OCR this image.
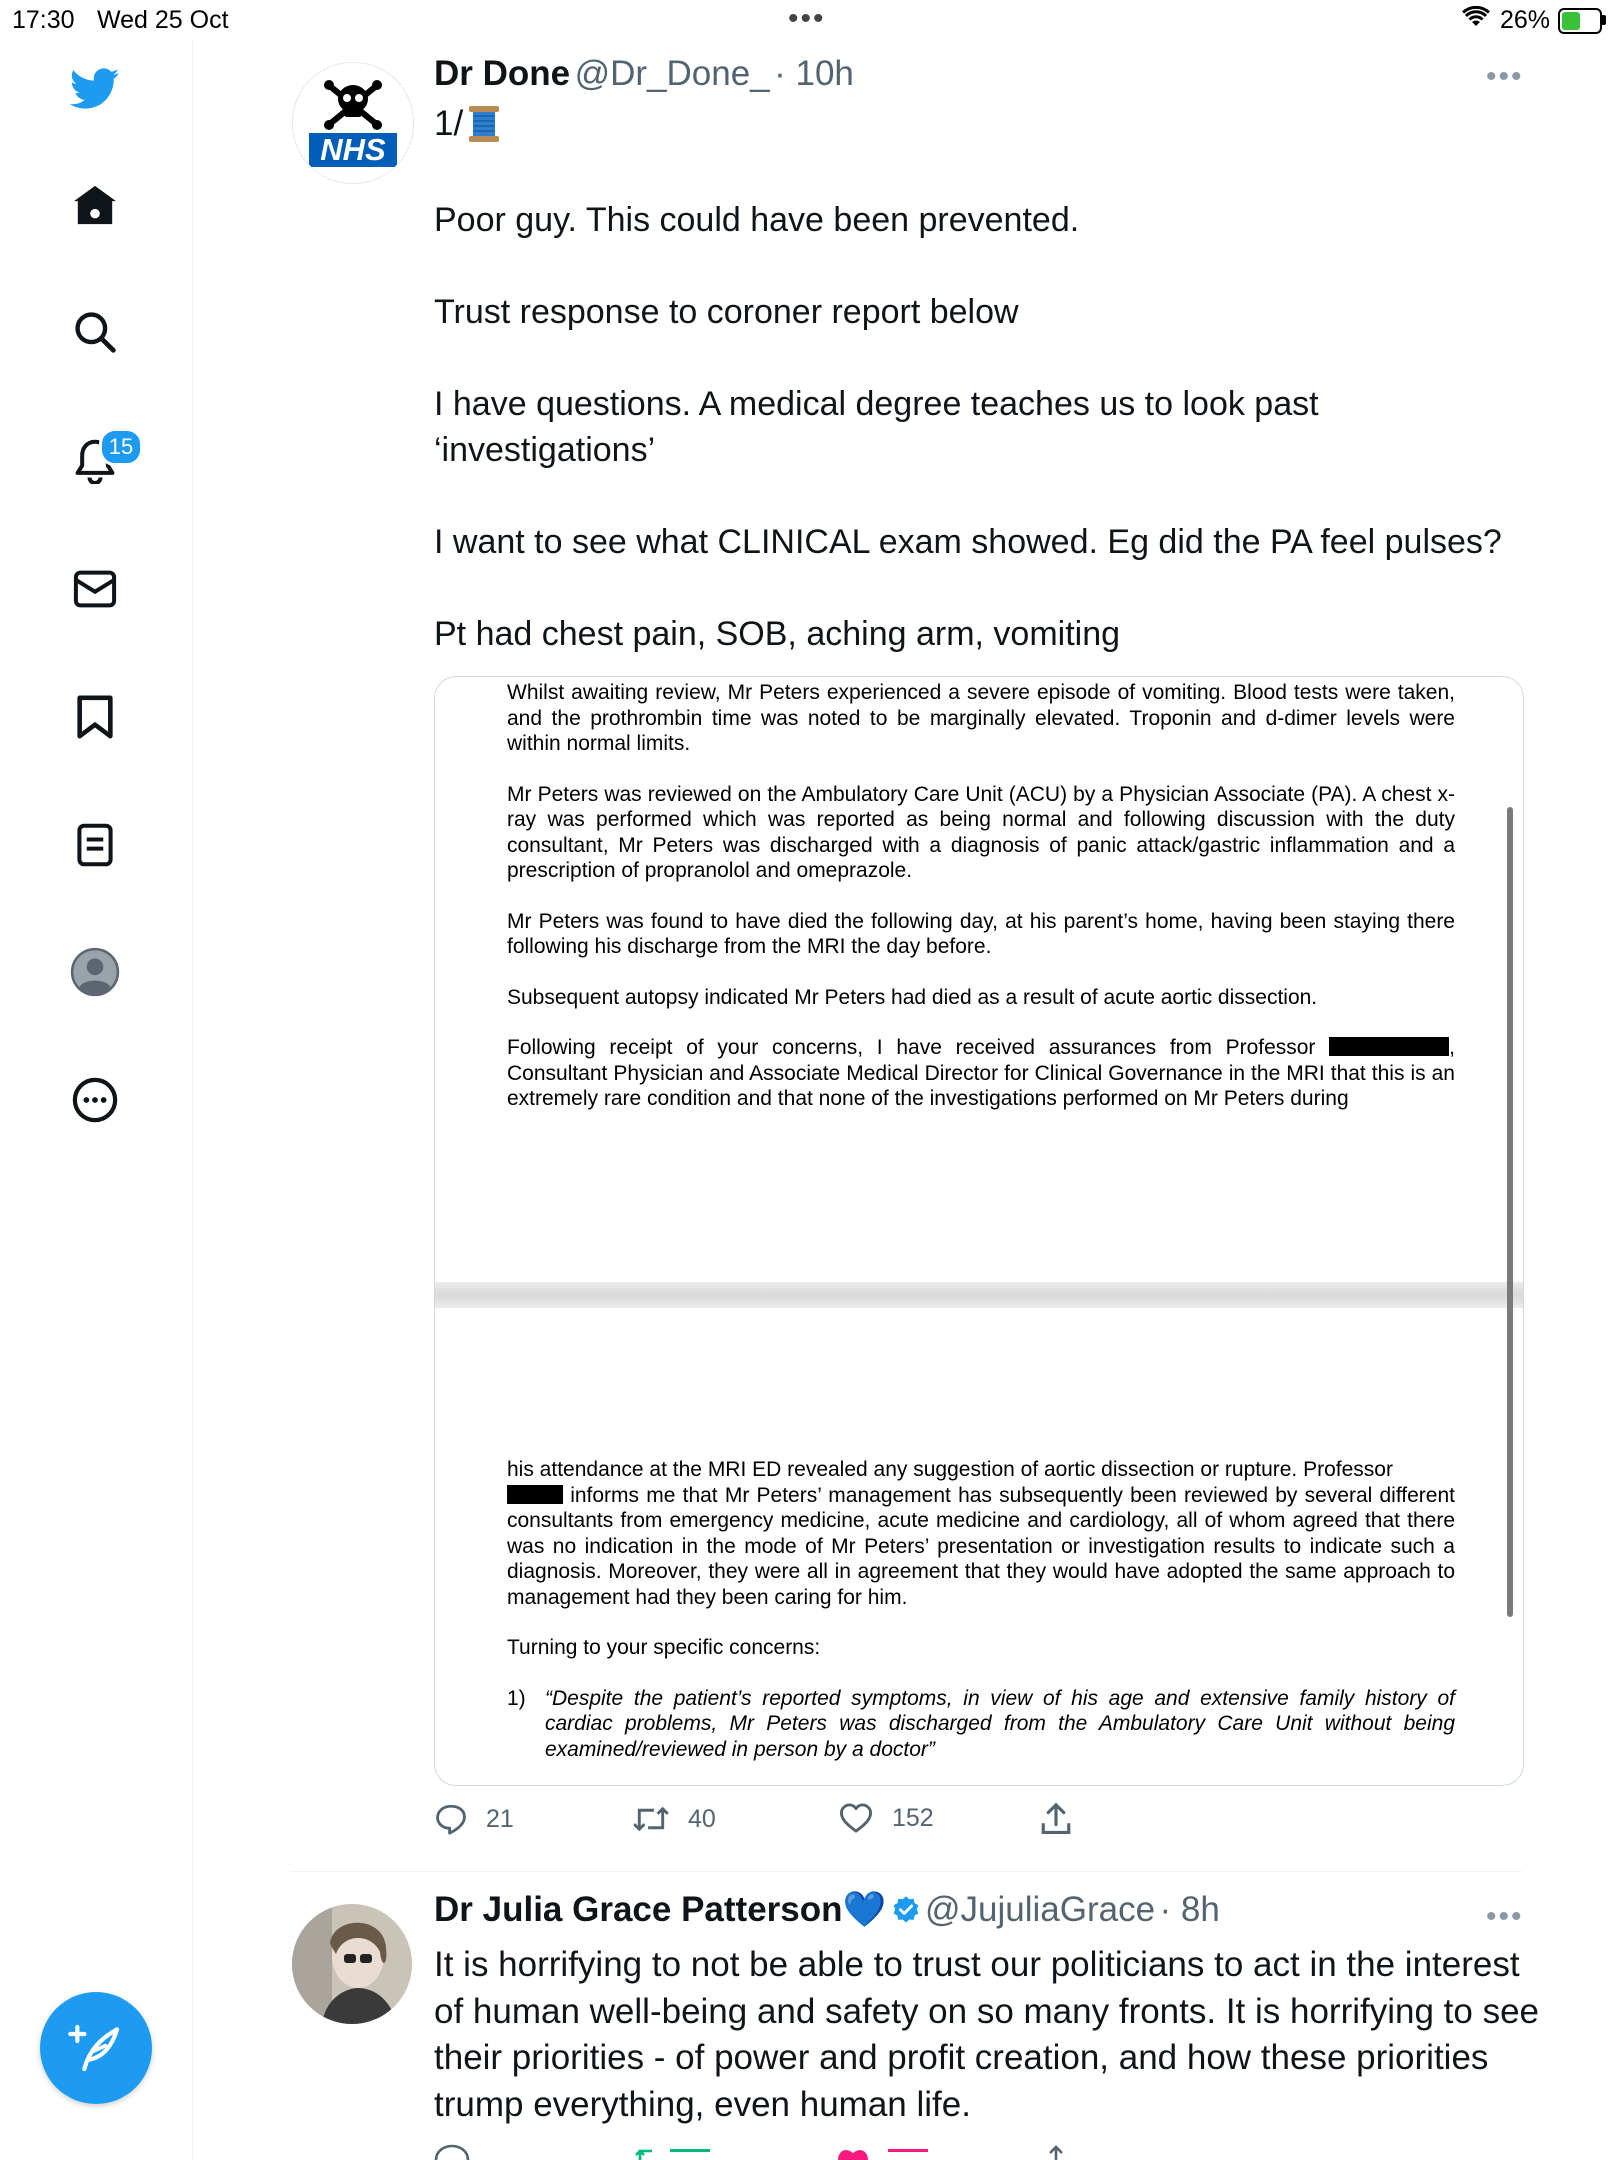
17:30 Wed 25 Oct	•••	26%
15
NHS
Dr Done @Dr_Done_ · 10h	•••
1/
Poor guy. This could have been prevented.
Trust response to coroner report below
I have questions. A medical degree teaches us to look past ‘investigations’
I want to see what CLINICAL exam showed. Eg did the PA feel pulses?
Pt had chest pain, SOB, aching arm, vomiting

Whilst awaiting review, Mr Peters experienced a severe episode of vomiting. Blood tests were taken, and the prothrombin time was noted to be marginally elevated. Troponin and d-dimer levels were within normal limits.

Mr Peters was reviewed on the Ambulatory Care Unit (ACU) by a Physician Associate (PA). A chest x-ray was performed which was reported as being normal and following discussion with the duty consultant, Mr Peters was discharged with a diagnosis of panic attack/gastric inflammation and a prescription of propranolol and omeprazole.

Mr Peters was found to have died the following day, at his parent’s home, having been staying there following his discharge from the MRI the day before.

Subsequent autopsy indicated Mr Peters had died as a result of acute aortic dissection.

Following receipt of your concerns, I have received assurances from Professor	, Consultant Physician and Associate Medical Director for Clinical Governance in the MRI that this is an extremely rare condition and that none of the investigations performed on Mr Peters during

his attendance at the MRI ED revealed any suggestion of aortic dissection or rupture. Professor
informs me that Mr Peters’ management has subsequently been reviewed by several different consultants from emergency medicine, acute medicine and cardiology, all of whom agreed that there was no indication in the mode of Mr Peters’ presentation or investigation results to indicate such a diagnosis. Moreover, they were all in agreement that they would have adopted the same approach to management had they been caring for him.

Turning to your specific concerns:

1) “Despite the patient’s reported symptoms, in view of his age and extensive family history of cardiac problems, Mr Peters was discharged from the Ambulatory Care Unit without being examined/reviewed in person by a doctor”
21	40	152
Dr Julia Grace Patterson💙 @JujuliaGrace · 8h	•••
It is horrifying to not be able to trust our politicians to act in the interest of human well-being and safety on so many fronts. It is horrifying to see their priorities - of power and profit creation, and how these priorities trump everything, even human life.
